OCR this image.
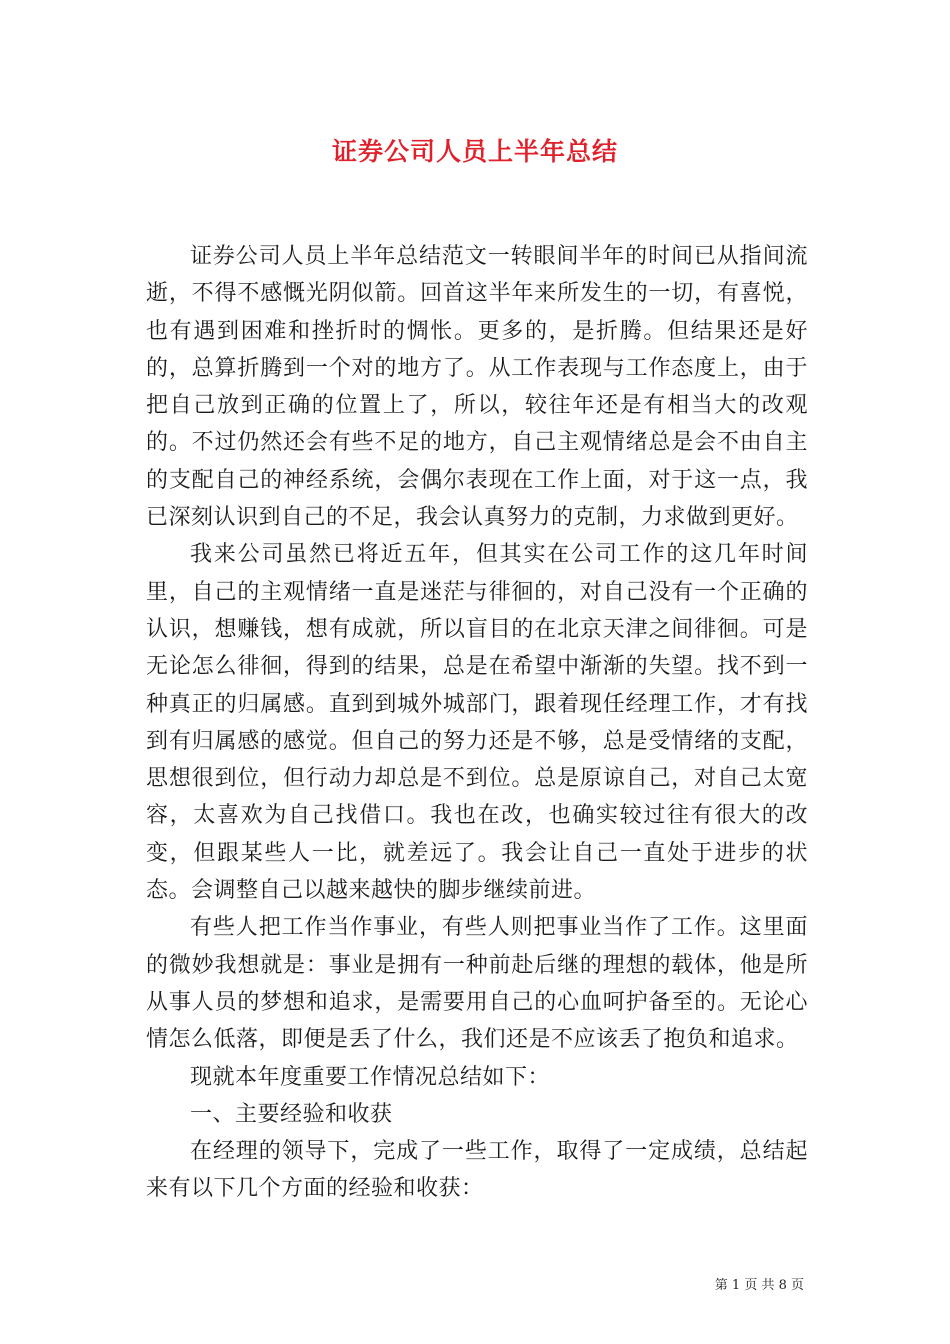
证券公司人员上半年总结

证券公司人员上半年总结范文一转眼间半年的时间已从指间流逝，不得不感慨光阴似箭。回首这半年来所发生的一切，有喜悦，也有遇到困难和挫折时的惆怅。更多的，是折腾。但结果还是好的，总算折腾到一个对的地方了。从工作表现与工作态度上，由于把自己放到正确的位置上了，所以，较往年还是有相当大的改观的。不过仍然还会有些不足的地方，自己主观情绪总是会不由自主的支配自己的神经系统，会偶尔表现在工作上面，对于这一点，我已深刻认识到自己的不足，我会认真努力的克制，力求做到更好。

我来公司虽然已将近五年，但其实在公司工作的这几年时间里，自己的主观情绪一直是迷茫与徘徊的，对自己没有一个正确的认识，想赚钱，想有成就，所以盲目的在北京天津之间徘徊。可是无论怎么徘徊，得到的结果，总是在希望中渐渐的失望。找不到一种真正的归属感。直到到城外城部门，跟着现任经理工作，才有找到有归属感的感觉。但自己的努力还是不够，总是受情绪的支配，思想很到位，但行动力却总是不到位。总是原谅自己，对自己太宽容，太喜欢为自己找借口。我也在改，也确实较过往有很大的改变，但跟某些人一比，就差远了。我会让自己一直处于进步的状态。会调整自己以越来越快的脚步继续前进。

有些人把工作当作事业，有些人则把事业当作了工作。这里面的微妙我想就是：事业是拥有一种前赴后继的理想的载体，他是所从事人员的梦想和追求，是需要用自己的心血呵护备至的。无论心情怎么低落，即便是丢了什么，我们还是不应该丢了抱负和追求。

现就本年度重要工作情况总结如下：

一、主要经验和收获

在经理的领导下，完成了一些工作，取得了一定成绩，总结起来有以下几个方面的经验和收获：

第 1 页 共 8 页
